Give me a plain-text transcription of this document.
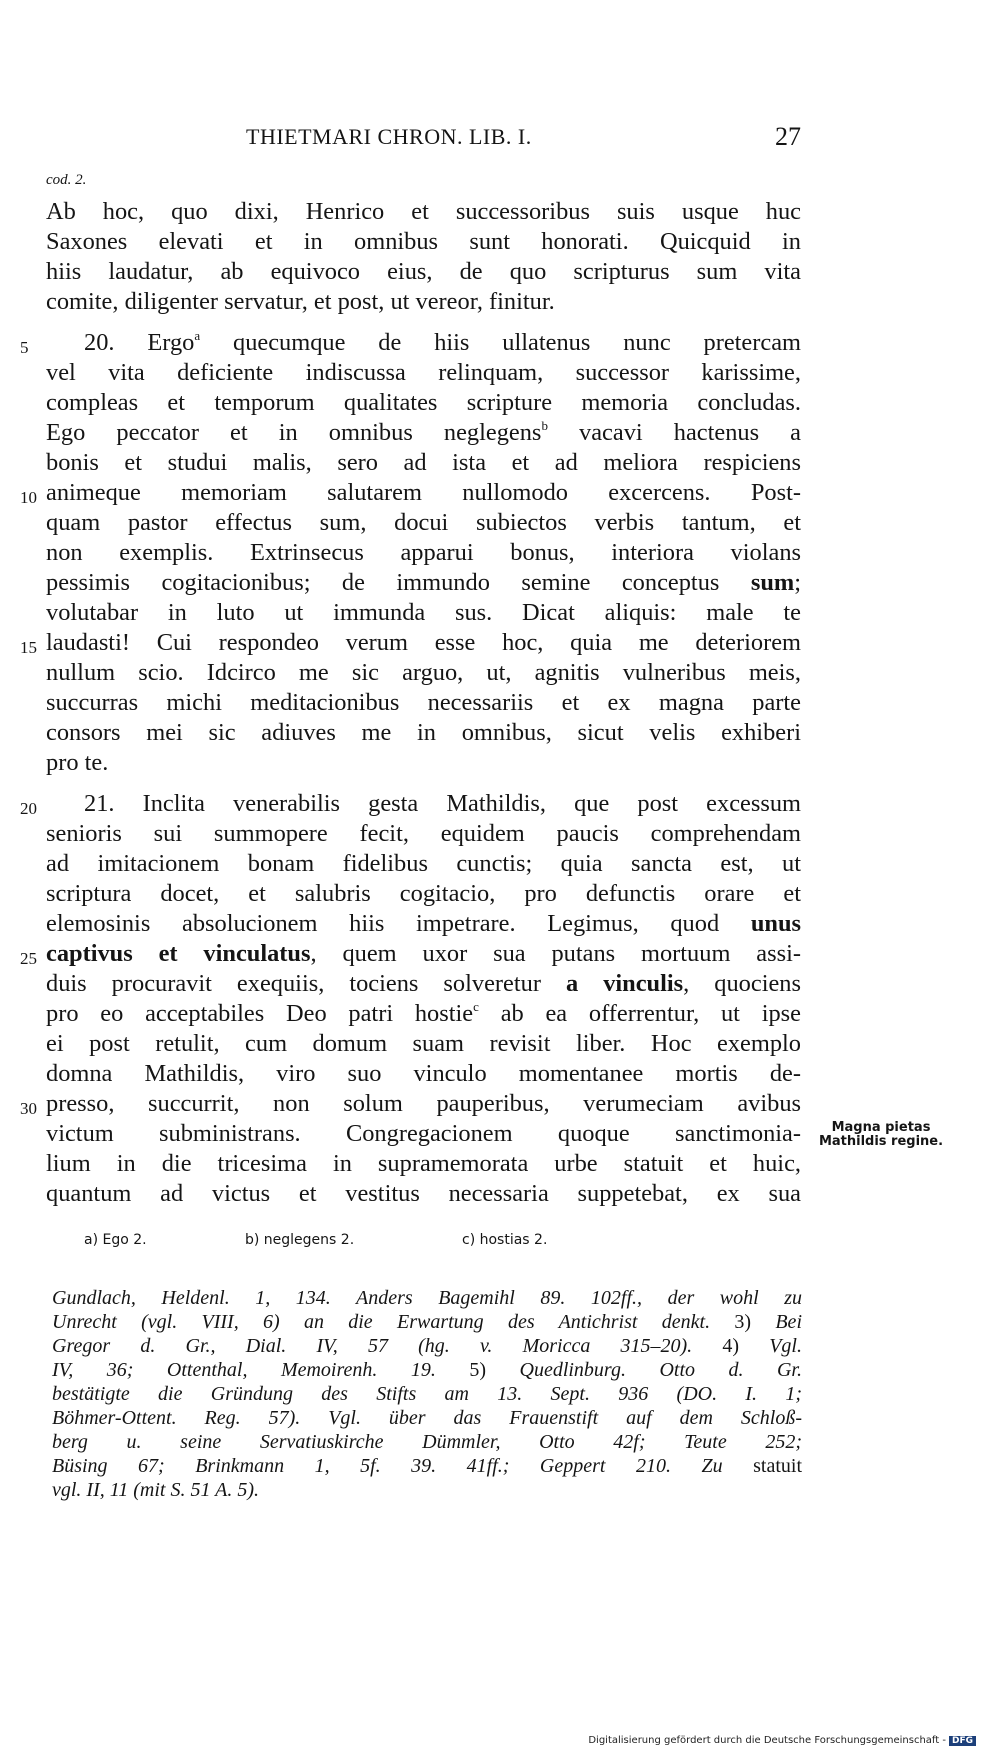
THIETMARI CHRON. LIB. I.	27
cod. 2.
Ab hoc, quo dixi, Henrico et successoribus suis usque huc
Saxones elevati et in omnibus sunt honorati. Quicquid in
hiis laudatur, ab equivoco eius, de quo scripturus sum vita
comite, diligenter servatur, et post, ut vereor, finitur.
20. Ergo$^a$ quecumque de hiis ullatenus nunc pretercam
vel vita deficiente indiscussa relinquam, successor karissime,
compleas et temporum qualitates scripture memoria concludas.
Ego peccator et in omnibus neglegens$^b$ vacavi hactenus a
bonis et studui malis, sero ad ista et ad meliora respiciens
animeque memoriam salutarem nullomodo excercens. Post-
quam pastor effectus sum, docui subiectos verbis tantum, et
non exemplis. Extrinsecus apparui bonus, interiora violans
pessimis cogitacionibus; de immundo semine conceptus sum;
volutabar in luto ut immunda sus. Dicat aliquis: male te
laudasti! Cui respondeo verum esse hoc, quia me deteriorem
nullum scio. Idcirco me sic arguo, ut, agnitis vulneribus meis,
succurras michi meditacionibus necessariis et ex magna parte
consors mei sic adiuves me in omnibus, sicut velis exhiberi
pro te.
21. Inclita venerabilis gesta Mathildis, que post excessum
senioris sui summopere fecit, equidem paucis comprehendam
ad imitacionem bonam fidelibus cunctis; quia sancta est, ut
scriptura docet, et salubris cogitacio, pro defunctis orare et
elemosinis absolucionem hiis impetrare. Legimus, quod unus
captivus et vinculatus, quem uxor sua putans mortuum assi-
duis procuravit exequiis, tociens solveretur a vinculis, quociens
pro eo acceptabiles Deo patri hostie$^c$ ab ea offerrentur, ut ipse
ei post retulit, cum domum suam revisit liber. Hoc exemplo
domna Mathildis, viro suo vinculo momentanee mortis de-
presso, succurrit, non solum pauperibus, verumeciam avibus
victum subministrans. Congregacionem quoque sanctimonia-
lium in die tricesima in supramemorata urbe statuit et huic,
quantum ad victus et vestitus necessaria suppetebat, ex sua
5
10
15
20
25
30
Magna pietas
Mathildis regine.
a) Ego 2.	b) neglegens 2.	c) hostias 2.
Gundlach, Heldenl. 1, 134. Anders Bagemihl 89. 102ff., der wohl zu
Unrecht (vgl. VIII, 6) an die Erwartung des Antichrist denkt. 3) Bei
Gregor d. Gr., Dial. IV, 57 (hg. v. Moricca 315–20). 4) Vgl.
IV, 36; Ottenthal, Memoirenh. 19. 5) Quedlinburg. Otto d. Gr.
bestätigte die Gründung des Stifts am 13. Sept. 936 (DO. I. 1;
Böhmer-Ottent. Reg. 57). Vgl. über das Frauenstift auf dem Schloß-
berg u. seine Servatiuskirche Dümmler, Otto 42f; Teute 252;
Büsing 67; Brinkmann 1, 5f. 39. 41ff.; Geppert 210. Zu statuit
vgl. II, 11 (mit S. 51 A. 5).
Digitalisierung gefördert durch die Deutsche Forschungsgemeinschaft - DFG
